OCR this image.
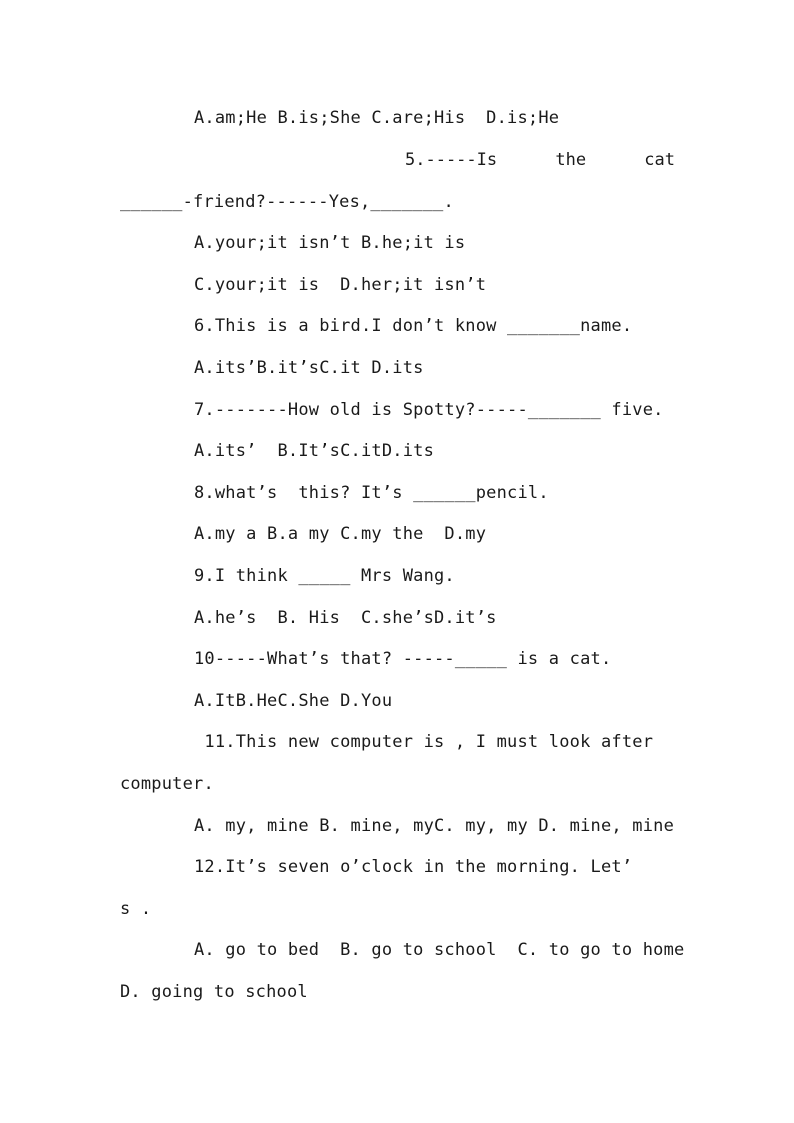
A.am;He B.is;She C.are;His  D.is;He
5.-----Is	the	cat
______-friend?------Yes,_______.
A.your;it isn’t B.he;it is
C.your;it is  D.her;it isn’t
6.This is a bird.I don’t know _______name.
A.its’B.it’sC.it D.its
7.-------How old is Spotty?-----_______ five.
A.its’  B.It’sC.itD.its
8.what’s  this? It’s ______pencil.
A.my a B.a my C.my the  D.my
9.I think _____ Mrs Wang.
A.he’s  B. His  C.she’sD.it’s
10-----What’s that? -----_____ is a cat.
A.ItB.HeC.She D.You
11.This new computer is , I must look after
computer.
A. my, mine B. mine, myC. my, my D. mine, mine
12.It’s seven o’clock in the morning. Let’
s .
A. go to bed  B. go to school  C. to go to home
D. going to school
